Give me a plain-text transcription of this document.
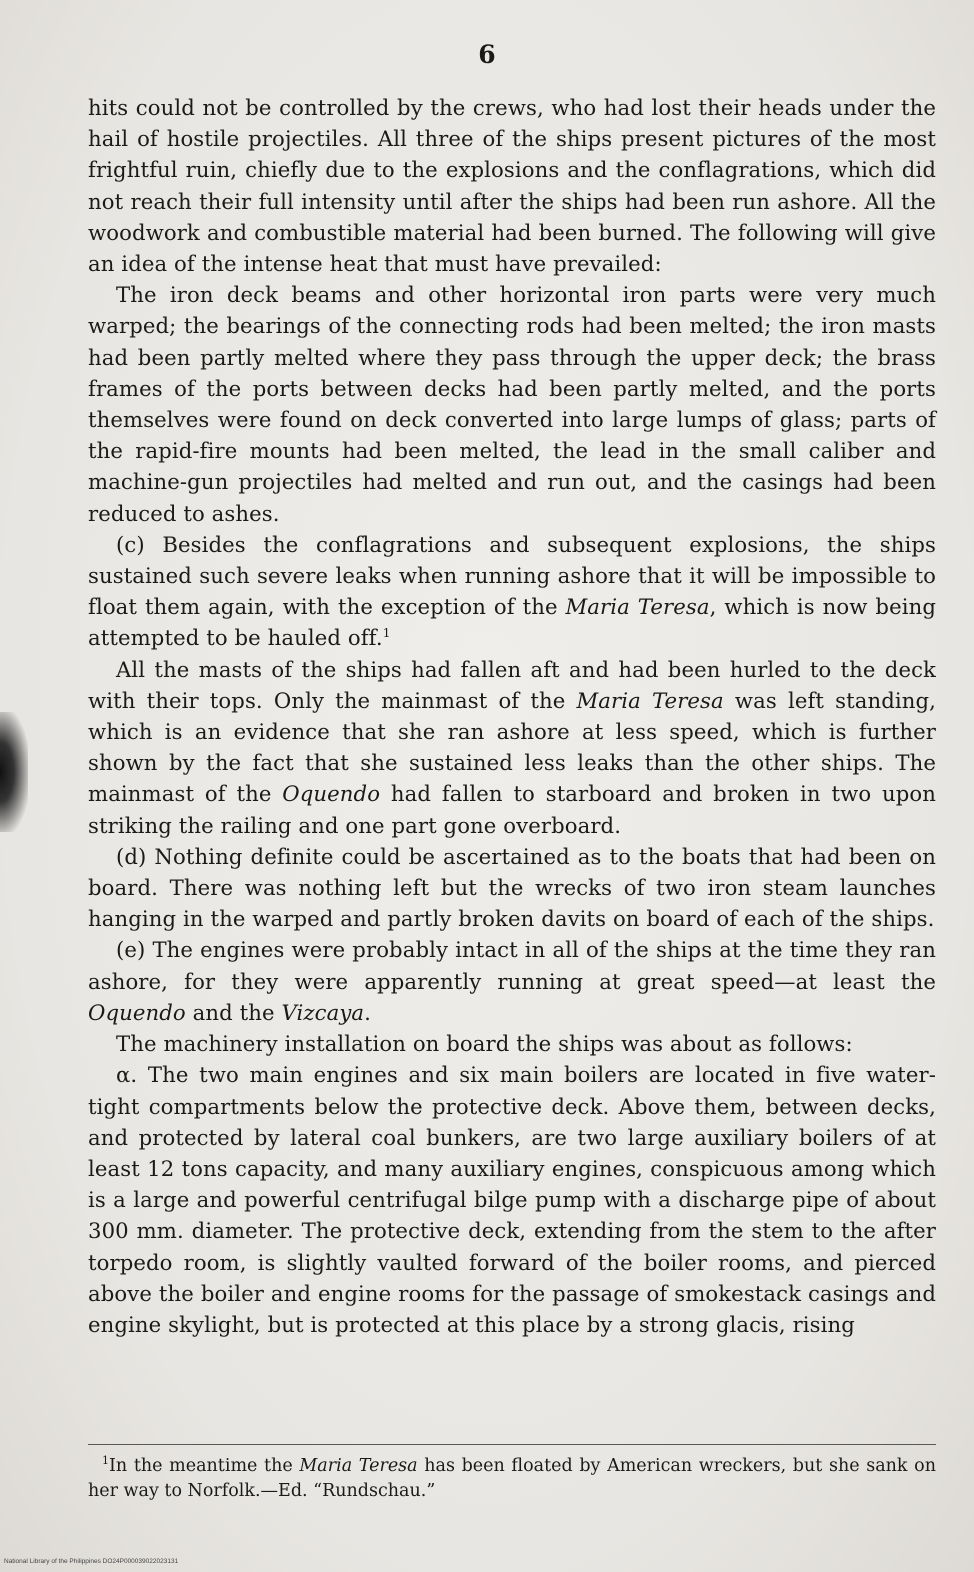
6

hits could not be controlled by the crews, who had lost their heads under the hail of hostile projectiles. All three of the ships present pictures of the most frightful ruin, chiefly due to the explosions and the conflagrations, which did not reach their full intensity until after the ships had been run ashore. All the woodwork and combustible material had been burned. The following will give an idea of the intense heat that must have prevailed:

The iron deck beams and other horizontal iron parts were very much warped; the bearings of the connecting rods had been melted; the iron masts had been partly melted where they pass through the upper deck; the brass frames of the ports between decks had been partly melted, and the ports themselves were found on deck converted into large lumps of glass; parts of the rapid-fire mounts had been melted, the lead in the small caliber and machine-gun projectiles had melted and run out, and the casings had been reduced to ashes.

(c) Besides the conflagrations and subsequent explosions, the ships sustained such severe leaks when running ashore that it will be impossible to float them again, with the exception of the Maria Teresa, which is now being attempted to be hauled off.$^1$

All the masts of the ships had fallen aft and had been hurled to the deck with their tops. Only the mainmast of the Maria Teresa was left standing, which is an evidence that she ran ashore at less speed, which is further shown by the fact that she sustained less leaks than the other ships. The mainmast of the Oquendo had fallen to starboard and broken in two upon striking the railing and one part gone overboard.

(d) Nothing definite could be ascertained as to the boats that had been on board. There was nothing left but the wrecks of two iron steam launches hanging in the warped and partly broken davits on board of each of the ships.

(e) The engines were probably intact in all of the ships at the time they ran ashore, for they were apparently running at great speed—at least the Oquendo and the Vizcaya.

The machinery installation on board the ships was about as follows:

α. The two main engines and six main boilers are located in five water-tight compartments below the protective deck. Above them, between decks, and protected by lateral coal bunkers, are two large auxiliary boilers of at least 12 tons capacity, and many auxiliary engines, conspicuous among which is a large and powerful centrifugal bilge pump with a discharge pipe of about 300 mm. diameter. The protective deck, extending from the stem to the after torpedo room, is slightly vaulted forward of the boiler rooms, and pierced above the boiler and engine rooms for the passage of smokestack casings and engine skylight, but is protected at this place by a strong glacis, rising

$^1$In the meantime the Maria Teresa has been floated by American wreckers, but she sank on her way to Norfolk.—Ed. “Rundschau.”
National Library of the Philippines DO24P000039022023131
